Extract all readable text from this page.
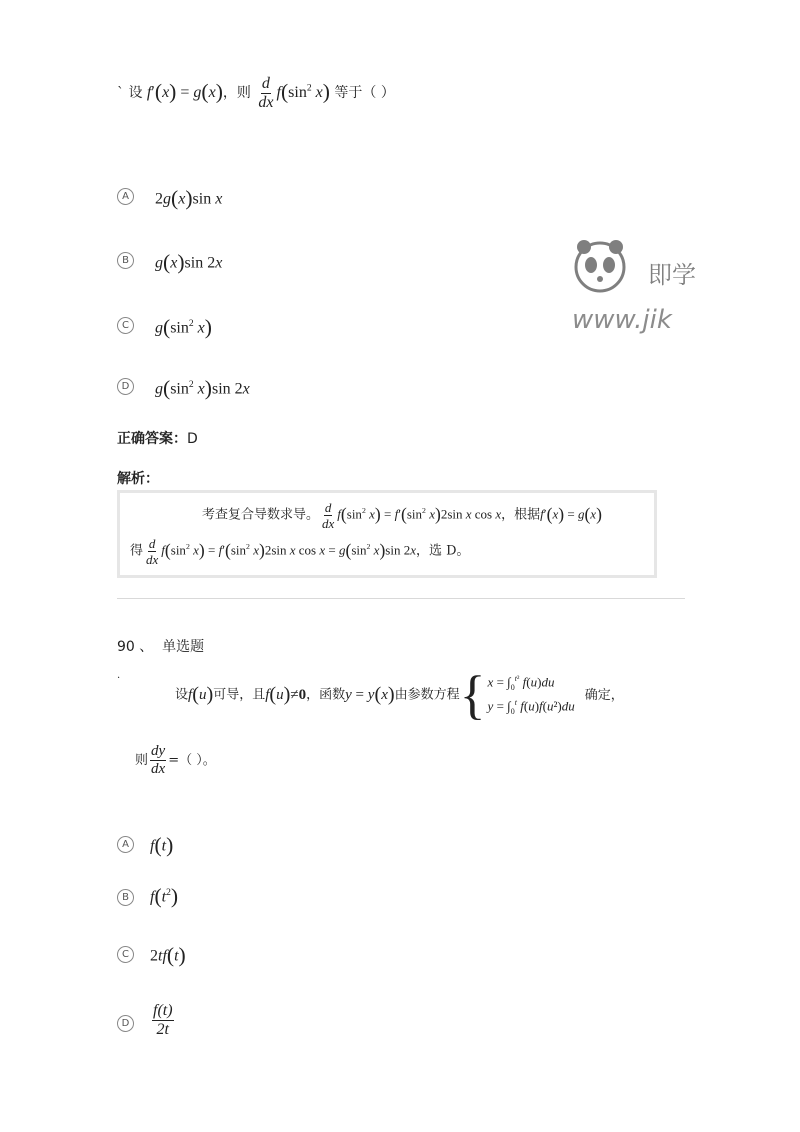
即学
www.jik
` 设 f′(x) = g(x)，则 $\frac{d}{dx} f(\sin^2$ x) 等于（ ）
A	2g(x)sin x
B	g(x)sin 2x
C	$g(\sin^2$ x)
D $g(\sin^2$ x)sin 2x
正确答案：D
解析：
考查复合导数求导。 $\frac{d}{dx} f(\sin^2$ $x) = f'(\sin^2$ x)2sin x cos x，根据f′(x) = g(x)
得 $\frac{d}{dx} f(\sin^2$ $x) = f'(\sin^2$ x)2sin x $\cos x = g(\sin^2$ x)sin 2x，选 D。
90 、 单选题
.
设f(u)可导，且f(u)≠0，函数y = y(x)由参数方程 { $x = \int_0^{t^2}$ f(u)du
$y = \int_0^t$ f(u)f(u²)du
确定，
则 $\frac{dy}{dx}$ =（ ）。
A	f(t)
B	$f(t^2)$
C	2tf(t)
D $\frac{f(t)}{2t}$
